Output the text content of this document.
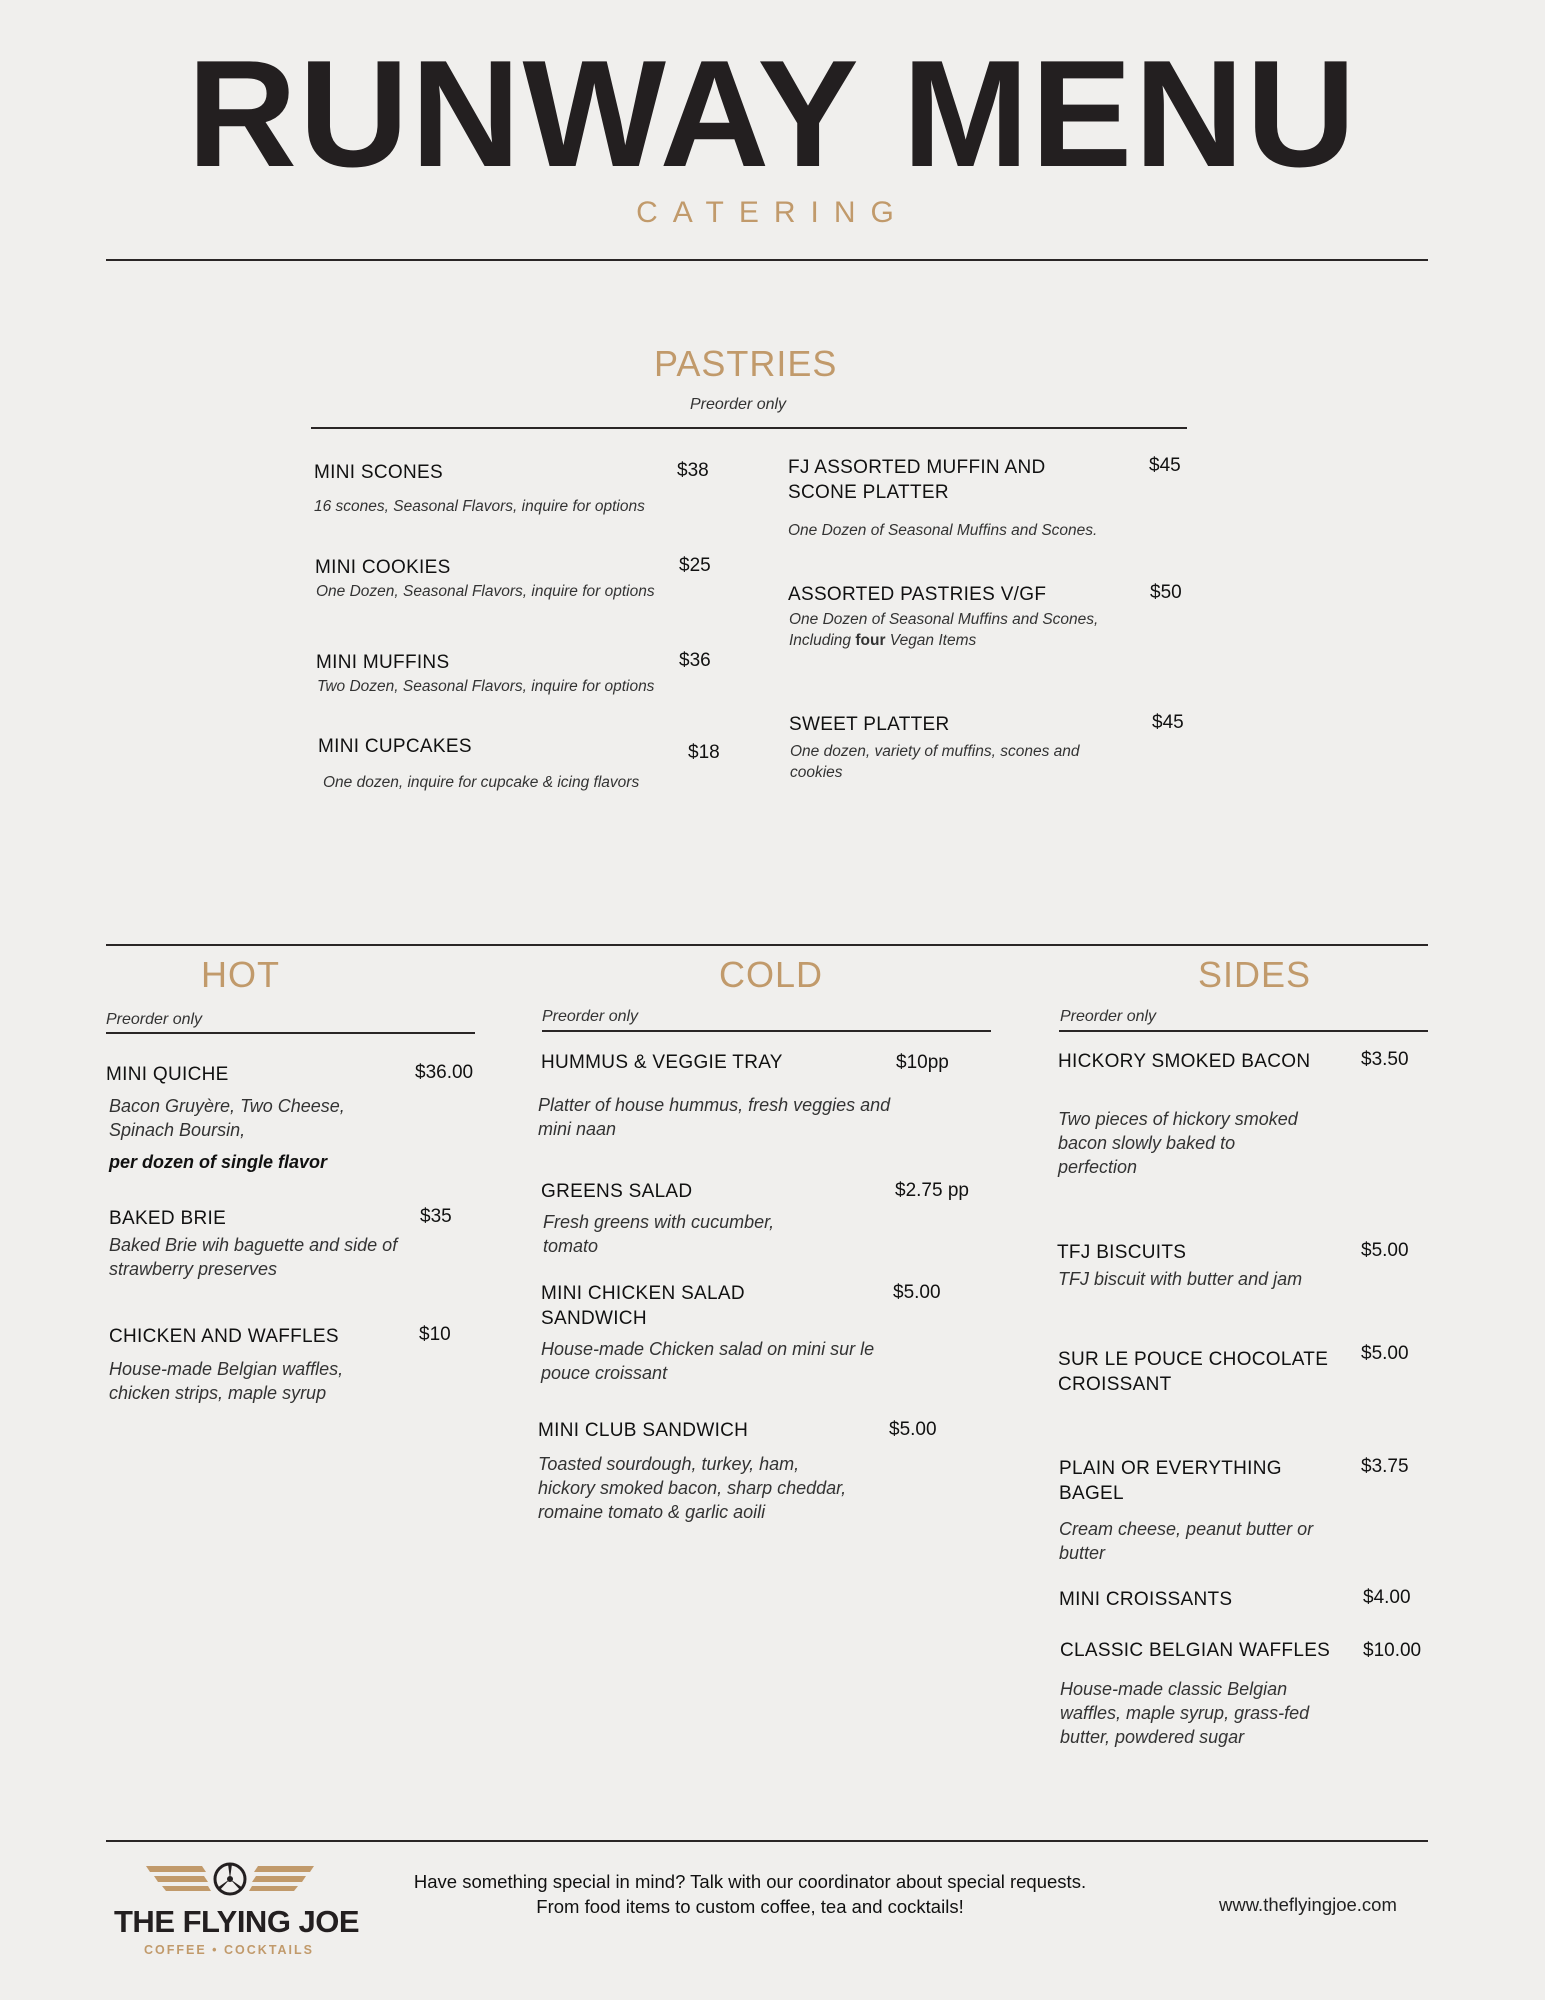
RUNWAY MENU
CATERING
PASTRIES
Preorder only
MINI SCONES	$38
16 scones, Seasonal Flavors, inquire for options
MINI COOKIES	$25
One Dozen, Seasonal Flavors, inquire for options
MINI MUFFINS	$36
Two Dozen, Seasonal Flavors, inquire for options
MINI CUPCAKES	$18
One dozen, inquire for cupcake & icing flavors
FJ ASSORTED MUFFIN AND SCONE PLATTER
$45
One Dozen of Seasonal Muffins and Scones.
ASSORTED PASTRIES V/GF	$50
One Dozen of Seasonal Muffins and Scones, Including four Vegan Items
SWEET PLATTER	$45
One dozen, variety of muffins, scones and cookies
HOT
Preorder only
MINI QUICHE	$36.00
Bacon Gruyère, Two Cheese, Spinach Boursin,
per dozen of single flavor
BAKED BRIE	$35
Baked Brie wih baguette and side of strawberry preserves
CHICKEN AND WAFFLES	$10
House-made Belgian waffles, chicken strips, maple syrup
COLD
Preorder only
HUMMUS & VEGGIE TRAY	$10pp
Platter of house hummus, fresh veggies and mini naan
GREENS SALAD	$2.75 pp
Fresh greens with cucumber, tomato
MINI CHICKEN SALAD SANDWICH
$5.00
House-made Chicken salad on mini sur le pouce croissant
MINI CLUB SANDWICH	$5.00
Toasted sourdough, turkey, ham, hickory smoked bacon, sharp cheddar, romaine tomato & garlic aoili
SIDES
Preorder only
HICKORY SMOKED BACON	$3.50
Two pieces of hickory smoked bacon slowly baked to perfection
TFJ BISCUITS	$5.00
TFJ biscuit with butter and jam
SUR LE POUCE CHOCOLATE CROISSANT
$5.00
PLAIN OR EVERYTHING BAGEL
$3.75
Cream cheese, peanut butter or butter
MINI CROISSANTS	$4.00
CLASSIC BELGIAN WAFFLES $10.00
House-made classic Belgian waffles, maple syrup, grass-fed butter, powdered sugar
THE FLYING JOE
COFFEE • COCKTAILS
Have something special in mind? Talk with our coordinator about special requests. From food items to custom coffee, tea and cocktails!	www.theflyingjoe.com
